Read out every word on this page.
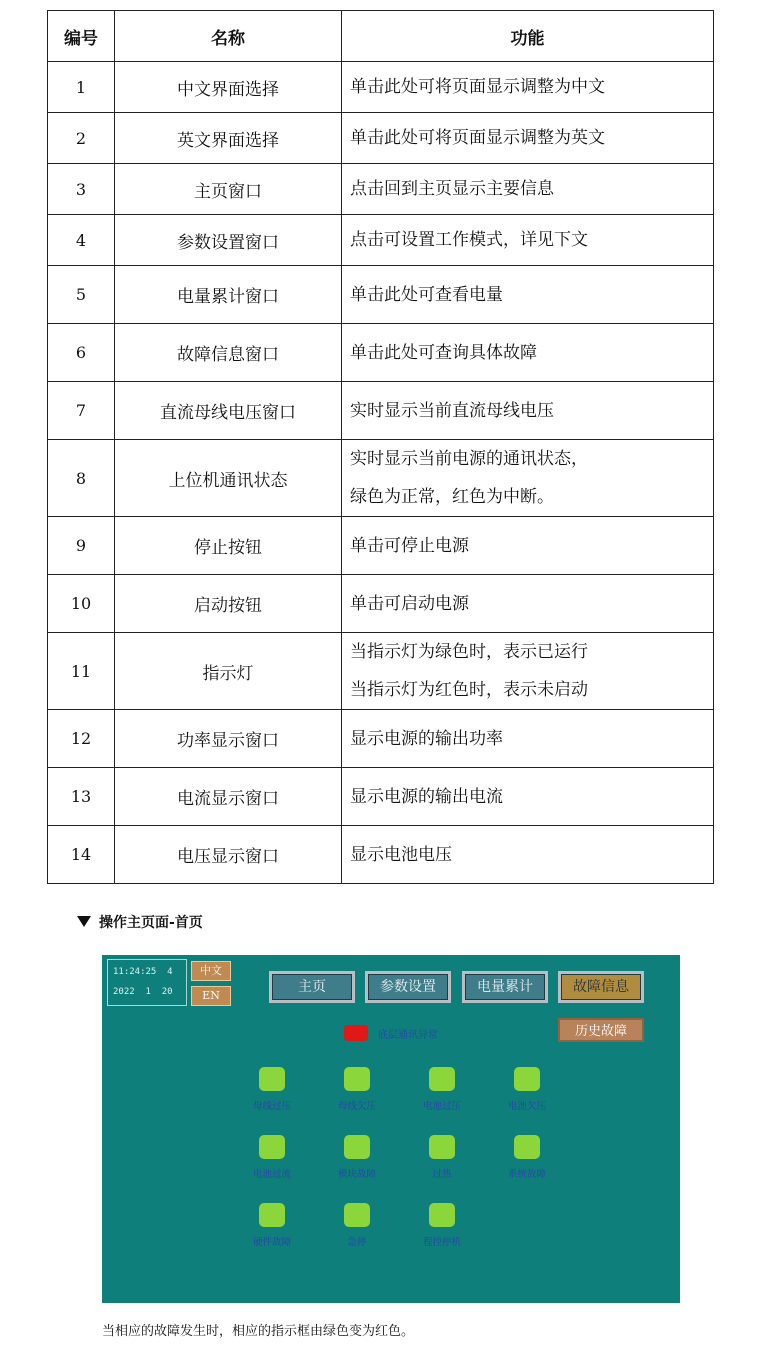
编号	名称	功能
1	中文界面选择	单击此处可将页面显示调整为中文

2	英文界面选择	单击此处可将页面显示调整为英文

3	主页窗口	点击回到主页显示主要信息

4	参数设置窗口	点击可设置工作模式，详见下文

5	电量累计窗口	单击此处可查看电量

6	故障信息窗口	单击此处可查询具体故障

7	直流母线电压窗口	实时显示当前直流母线电压

8	上位机通讯状态	实时显示当前电源的通讯状态，
绿色为正常，红色为中断。

9	停止按钮	单击可停止电源

10	启动按钮	单击可启动电源

11	指示灯	当指示灯为绿色时，表示已运行
当指示灯为红色时，表示未启动

12	功率显示窗口	显示电源的输出功率

13	电流显示窗口	显示电源的输出电流

14	电压显示窗口	显示电池电压
操作主页面-首页
11:24:25  4
2022  1  20
中文
EN
主页	参数设置	电量累计	故障信息
历史故障
底层通讯异常
母线过压	母线欠压	电池过压	电池欠压
电池过流	模块故障	过热	系统故障
硬件故障	急停	程控停机
当相应的故障发生时，相应的指示框由绿色变为红色。
